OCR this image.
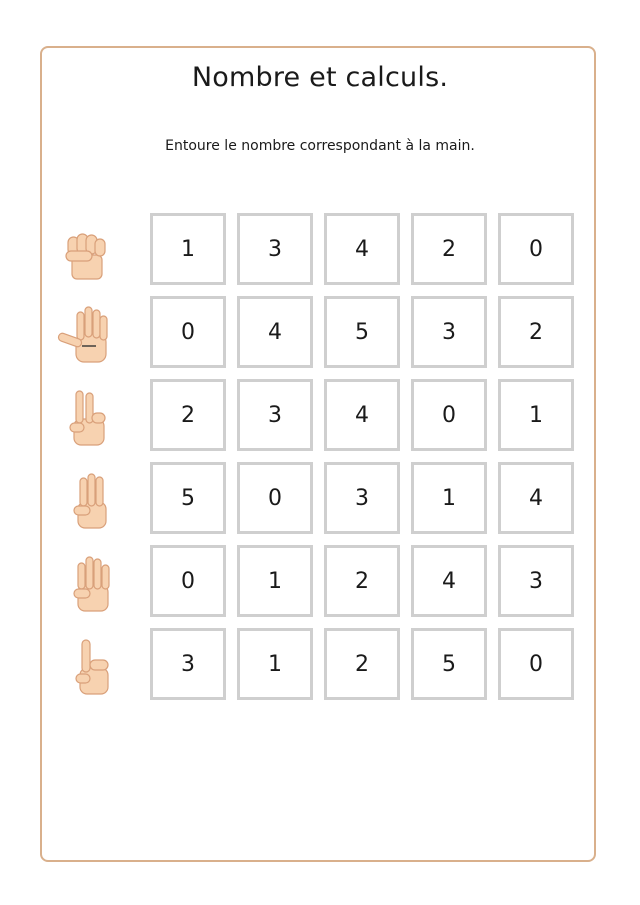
Nombre et calculs.
Entoure le nombre correspondant à la main.
1	3	4	2	0
0	4	5	3	2
2	3	4	0	1
5	0	3	1	4
0	1	2	4	3
3	1	2	5	0
